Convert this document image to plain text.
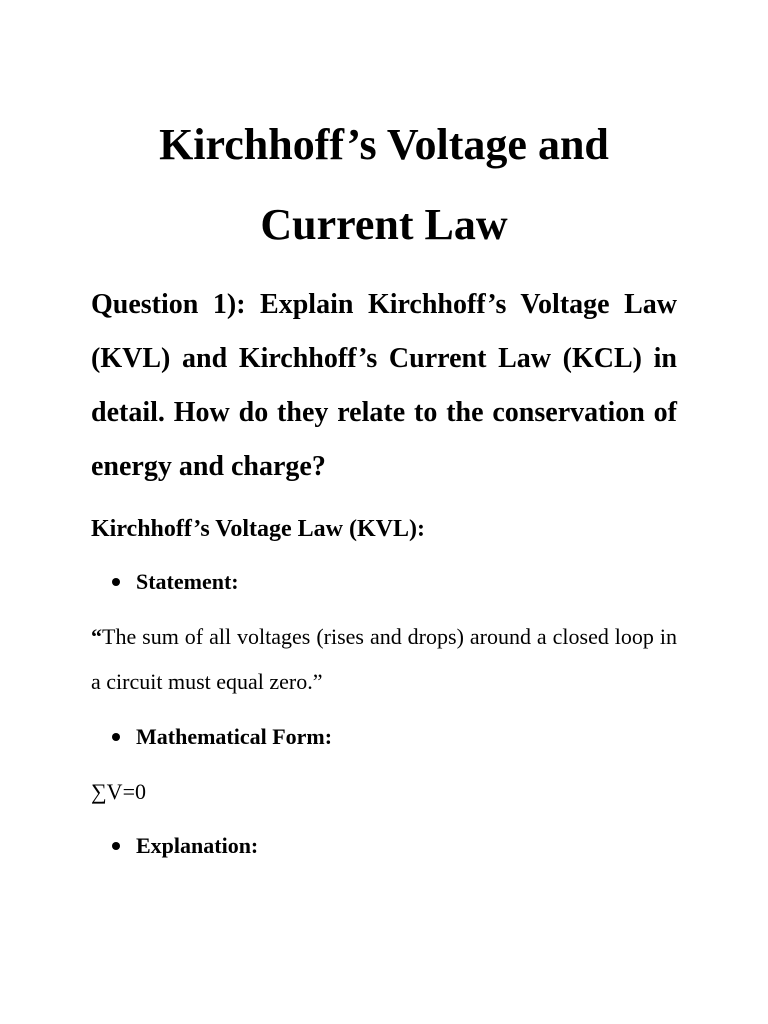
Kirchhoff’s Voltage and
Current Law

Question 1): Explain Kirchhoff’s Voltage Law (KVL) and Kirchhoff’s Current Law (KCL) in detail. How do they relate to the conservation of energy and charge?

Kirchhoff’s Voltage Law (KVL):

Statement:

“The sum of all voltages (rises and drops) around a closed loop in a circuit must equal zero.”

Mathematical Form:

∑V=0

Explanation:
